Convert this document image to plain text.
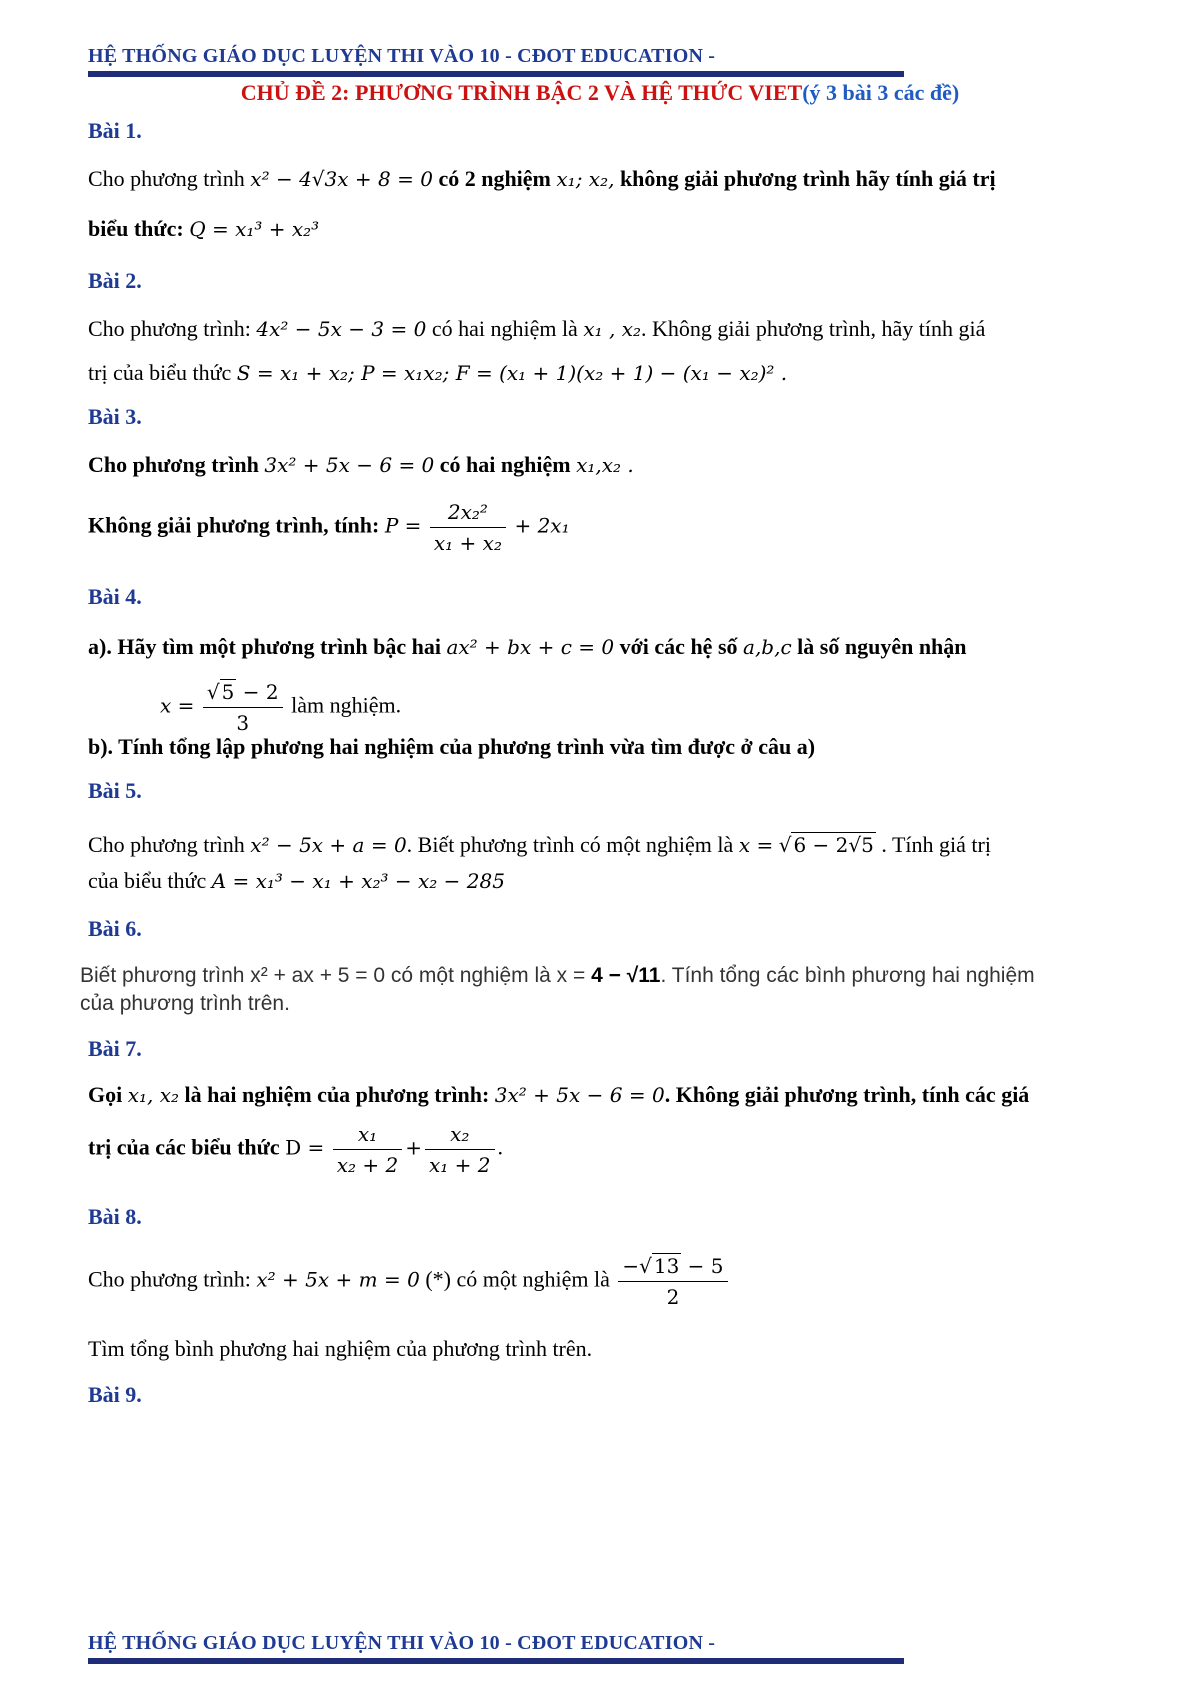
HỆ THỐNG GIÁO DỤC LUYỆN THI VÀO 10 - CĐOT EDUCATION -
CHỦ ĐỀ 2: PHƯƠNG TRÌNH BẬC 2 VÀ HỆ THỨC VIET(ý 3 bài 3 các đề)
Bài 1.
Cho phương trình x² − 4√3x + 8 = 0 có 2 nghiệm x₁; x₂, không giải phương trình hãy tính giá trị
biểu thức: Q = x₁³ + x₂³
Bài 2.
Cho phương trình: 4x² − 5x − 3 = 0 có hai nghiệm là x₁ , x₂. Không giải phương trình, hãy tính giá
trị của biểu thức S = x₁ + x₂; P = x₁x₂; F = (x₁ + 1)(x₂ + 1) − (x₁ − x₂)² .
Bài 3.
Cho phương trình 3x² + 5x − 6 = 0 có hai nghiệm x₁,x₂ .
Không giải phương trình, tính: $P = \frac{\text{2x₂²}}{\text{x₁ + x₂}} + 2x_1$
Bài 4.
a). Hãy tìm một phương trình bậc hai ax² + bx + c = 0 với các hệ số a,b,c là số nguyên nhận
$x = \frac{√ 5 - 2}{3}$ làm nghiệm.
b). Tính tổng lập phương hai nghiệm của phương trình vừa tìm được ở câu a)
Bài 5.
Cho phương trình x² − 5x + a = 0. Biết phương trình có một nghiệm là x = √ 6 − 2√5 . Tính giá trị
của biểu thức A = x₁³ − x₁ + x₂³ − x₂ − 285
Bài 6.
Biết phương trình x² + ax + 5 = 0 có một nghiệm là x = 4 − √11. Tính tổng các bình phương hai nghiệm
của phương trình trên.
Bài 7.
Gọi x₁, x₂ là hai nghiệm của phương trình: 3x² + 5x − 6 = 0. Không giải phương trình, tính các giá
trị của các biểu thức $D = \frac{\text{x₁}}{\text{x₂ + 2}} + \frac{\text{x₂}}{\text{x₁ + 2}}$ .
Bài 8.
Cho phương trình: x² + 5x + m = 0 (*) có một nghiệm là $\frac{-√ 13 - 5}{2}$
Tìm tổng bình phương hai nghiệm của phương trình trên.
Bài 9.
HỆ THỐNG GIÁO DỤC LUYỆN THI VÀO 10 - CĐOT EDUCATION -
